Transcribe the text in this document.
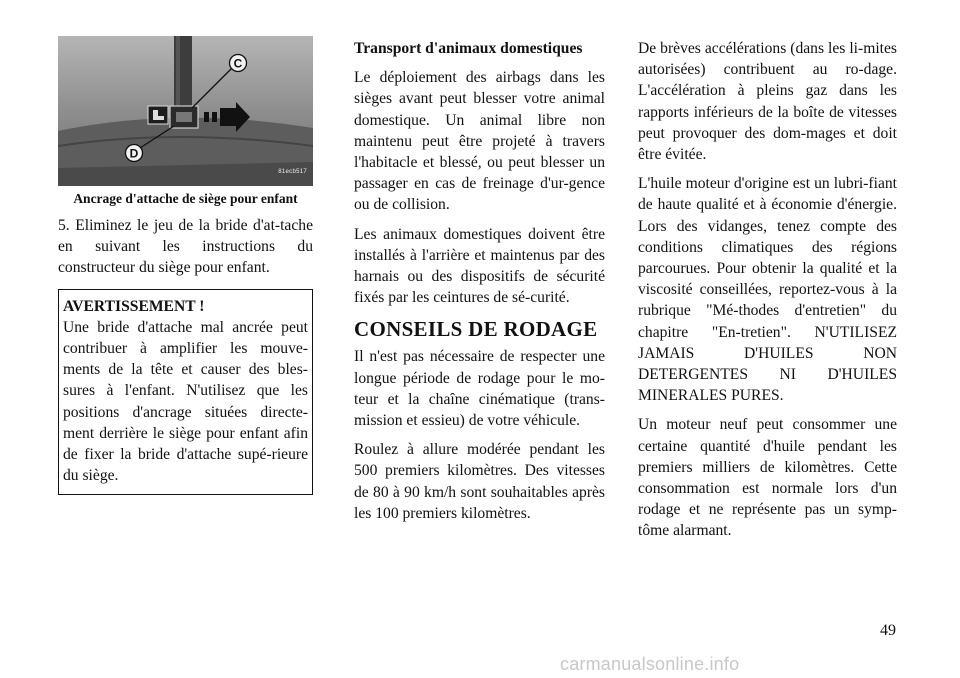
C
D
81ecb517
Ancrage d'attache de siège pour enfant

5. Eliminez le jeu de la bride d'at-tache en suivant les instructions du constructeur du siège pour enfant.

AVERTISSEMENT !
Une bride d'attache mal ancrée peut contribuer à amplifier les mouve-ments de la tête et causer des bles-sures à l'enfant. N'utilisez que les positions d'ancrage situées directe-ment derrière le siège pour enfant afin de fixer la bride d'attache supé-rieure du siège.

Transport d'animaux domestiques

Le déploiement des airbags dans les sièges avant peut blesser votre animal domestique. Un animal libre non maintenu peut être projeté à travers l'habitacle et blessé, ou peut blesser un passager en cas de freinage d'ur-gence ou de collision.

Les animaux domestiques doivent être installés à l'arrière et maintenus par des harnais ou des dispositifs de sécurité fixés par les ceintures de sé-curité.

CONSEILS DE RODAGE

Il n'est pas nécessaire de respecter une longue période de rodage pour le mo-teur et la chaîne cinématique (trans-mission et essieu) de votre véhicule.

Roulez à allure modérée pendant les 500 premiers kilomètres. Des vitesses de 80 à 90 km/h sont souhaitables après les 100 premiers kilomètres.

De brèves accélérations (dans les li-mites autorisées) contribuent au ro-dage. L'accélération à pleins gaz dans les rapports inférieurs de la boîte de vitesses peut provoquer des dom-mages et doit être évitée.

L'huile moteur d'origine est un lubri-fiant de haute qualité et à économie d'énergie. Lors des vidanges, tenez compte des conditions climatiques des régions parcourues. Pour obtenir la qualité et la viscosité conseillées, reportez-vous à la rubrique "Mé-thodes d'entretien" du chapitre "En-tretien". N'UTILISEZ JAMAIS D'HUILES NON DETERGENTES NI D'HUILES MINERALES PURES.

Un moteur neuf peut consommer une certaine quantité d'huile pendant les premiers milliers de kilomètres. Cette consommation est normale lors d'un rodage et ne représente pas un symp-tôme alarmant.

49
carmanualsonline.info
